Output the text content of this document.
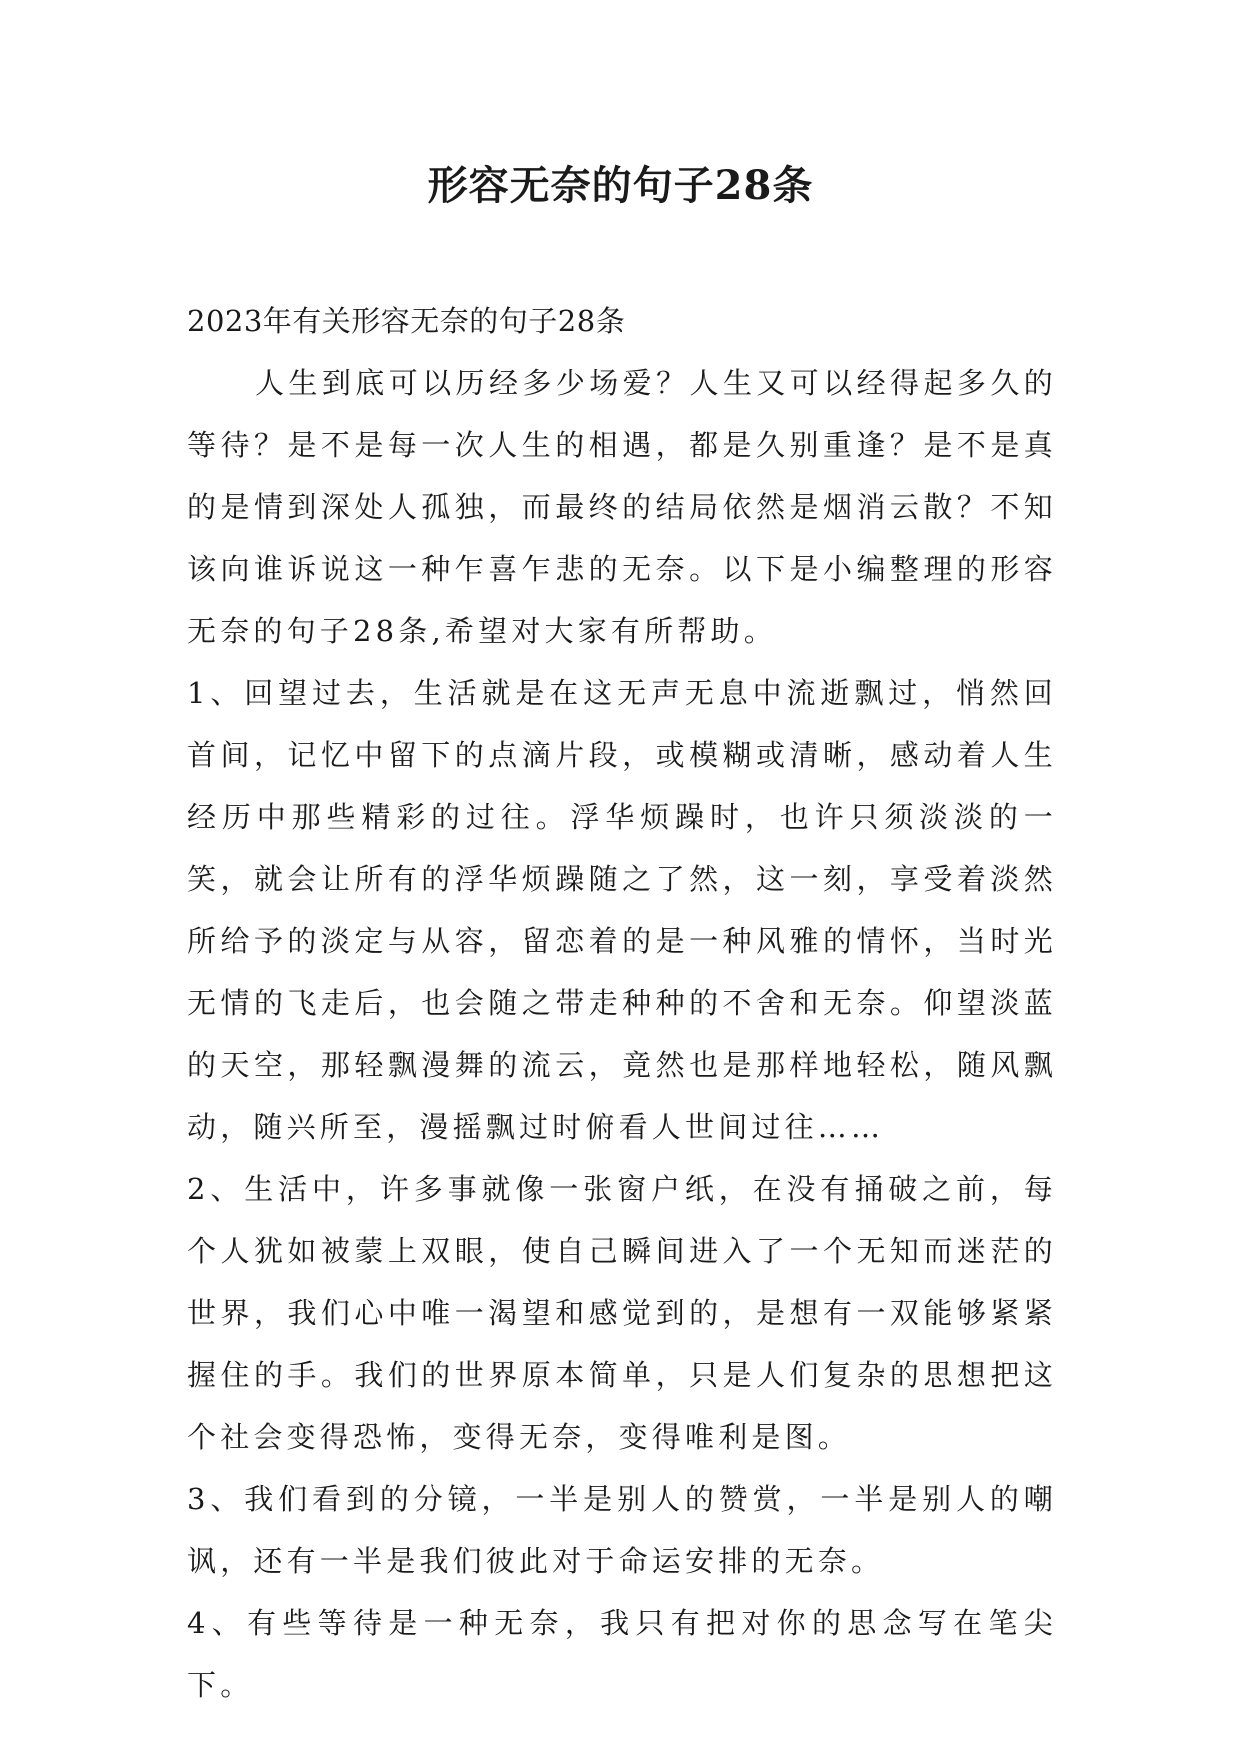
形容无奈的句子28条

2023年有关形容无奈的句子28条

人生到底可以历经多少场爱？人生又可以经得起多久的等待？是不是每一次人生的相遇，都是久别重逢？是不是真的是情到深处人孤独，而最终的结局依然是烟消云散？不知该向谁诉说这一种乍喜乍悲的无奈。以下是小编整理的形容无奈的句子28条,希望对大家有所帮助。

1、回望过去，生活就是在这无声无息中流逝飘过，悄然回首间，记忆中留下的点滴片段，或模糊或清晰，感动着人生经历中那些精彩的过往。浮华烦躁时，也许只须淡淡的一笑，就会让所有的浮华烦躁随之了然，这一刻，享受着淡然所给予的淡定与从容，留恋着的是一种风雅的情怀，当时光无情的飞走后，也会随之带走种种的不舍和无奈。仰望淡蓝的天空，那轻飘漫舞的流云，竟然也是那样地轻松，随风飘动，随兴所至，漫摇飘过时俯看人世间过往……

2、生活中，许多事就像一张窗户纸，在没有捅破之前，每个人犹如被蒙上双眼，使自己瞬间进入了一个无知而迷茫的世界，我们心中唯一渴望和感觉到的，是想有一双能够紧紧握住的手。我们的世界原本简单，只是人们复杂的思想把这个社会变得恐怖，变得无奈，变得唯利是图。

3、我们看到的分镜，一半是别人的赞赏，一半是别人的嘲讽，还有一半是我们彼此对于命运安排的无奈。

4、有些等待是一种无奈，我只有把对你的思念写在笔尖下。
